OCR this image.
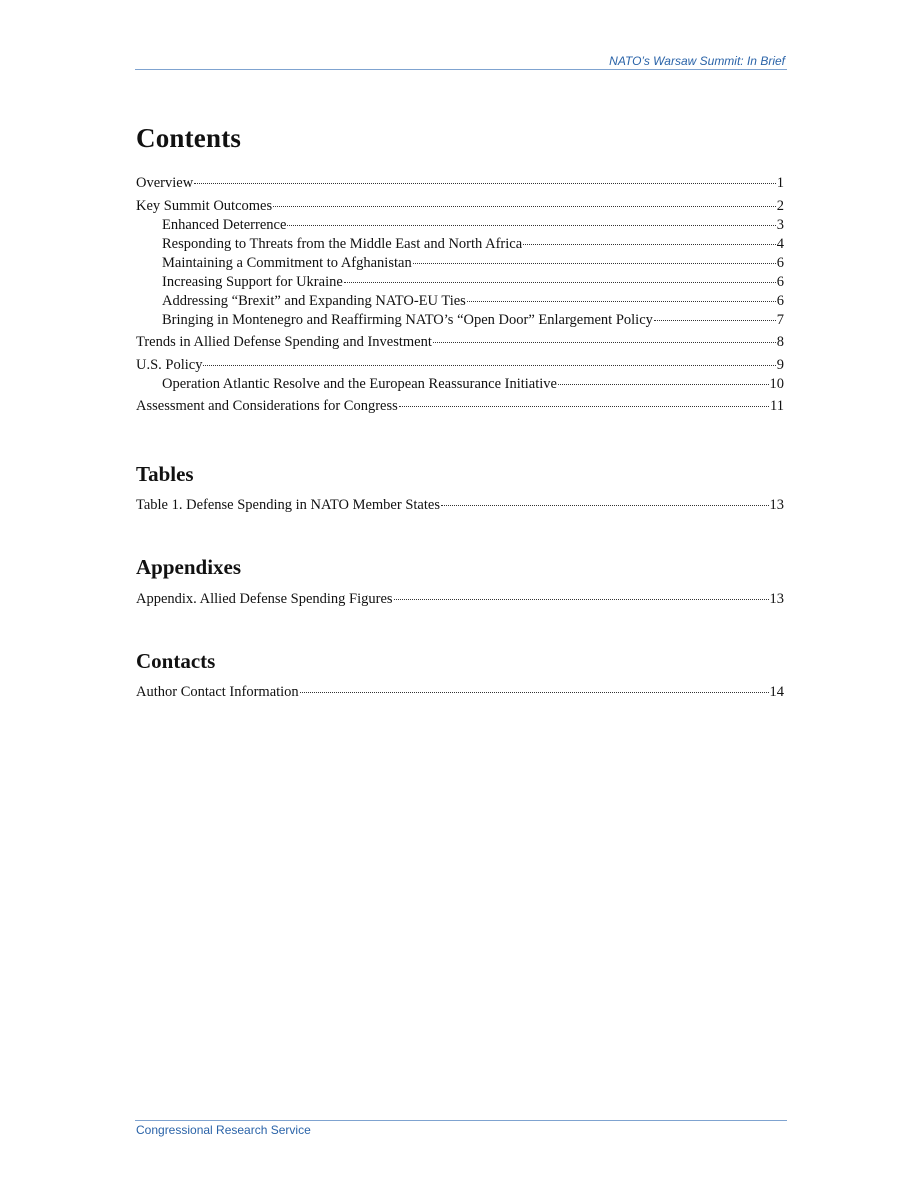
NATO’s Warsaw Summit: In Brief
Contents
Overview	1
Key Summit Outcomes	2
Enhanced Deterrence	3
Responding to Threats from the Middle East and North Africa	4
Maintaining a Commitment to Afghanistan	6
Increasing Support for Ukraine	6
Addressing “Brexit” and Expanding NATO-EU Ties	6
Bringing in Montenegro and Reaffirming NATO’s “Open Door” Enlargement Policy	7
Trends in Allied Defense Spending and Investment	8
U.S. Policy	9
Operation Atlantic Resolve and the European Reassurance Initiative	10
Assessment and Considerations for Congress	11
Tables
Table 1. Defense Spending in NATO Member States	13
Appendixes
Appendix. Allied Defense Spending Figures	13
Contacts
Author Contact Information	14
Congressional Research Service
